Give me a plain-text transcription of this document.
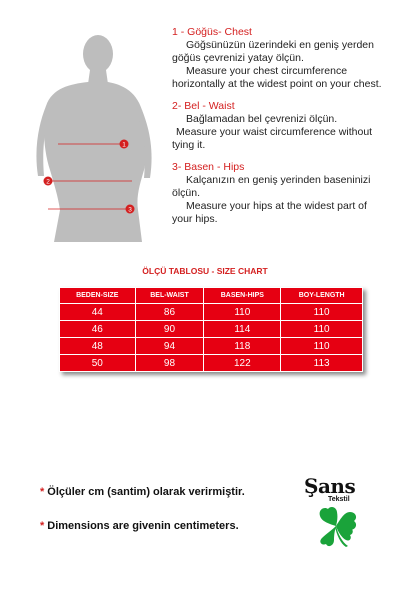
1
2
3
1 - Göğüs- Chest
Göğsünüzün üzerindeki en geniş yerden
göğüs çevrenizi yatay ölçün.
Measure your chest circumference
horizontally at the widest point on your chest.
2- Bel - Waist
Bağlamadan bel çevrenizi ölçün.
Measure your waist circumference without
tying it.
3- Basen - Hips
Kalçanızın en geniş yerinden baseninizi
ölçün.
Measure your hips at the widest part of
your hips.
ÖLÇÜ TABLOSU - SIZE CHART
BEDEN-SIZE	BEL-WAIST	BASEN-HIPS	BOY-LENGTH
44	86	110	110
46	90	114	110
48	94	118	110
50	98	122	113
* Ölçüler cm (santim) olarak verirmiştir.
* Dimensions are givenin centimeters.
Şans
Tekstil
